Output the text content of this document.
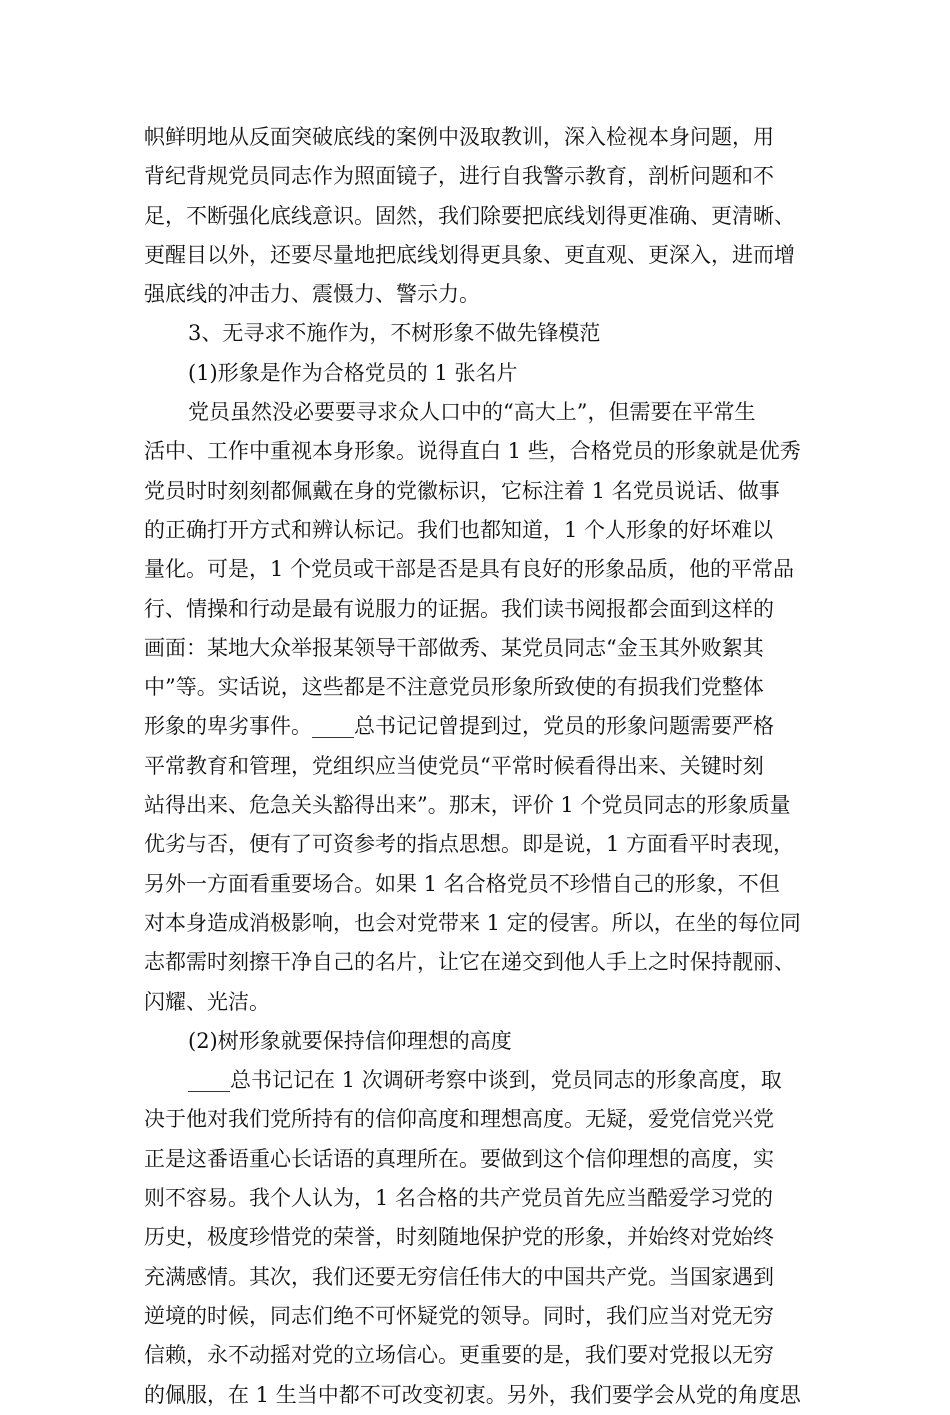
帜鲜明地从反面突破底线的案例中汲取教训，深入检视本身问题，用
背纪背规党员同志作为照面镜子，进行自我警示教育，剖析问题和不
足，不断强化底线意识。固然，我们除要把底线划得更准确、更清晰、
更醒目以外，还要尽量地把底线划得更具象、更直观、更深入，进而增
强底线的冲击力、震慑力、警示力。
3、无寻求不施作为，不树形象不做先锋模范
(1)形象是作为合格党员的 1 张名片
党员虽然没必要要寻求众人口中的“高大上”，但需要在平常生
活中、工作中重视本身形象。说得直白 1 些，合格党员的形象就是优秀
党员时时刻刻都佩戴在身的党徽标识，它标注着 1 名党员说话、做事
的正确打开方式和辨认标记。我们也都知道，1 个人形象的好坏难以
量化。可是，1 个党员或干部是否是具有良好的形象品质，他的平常品
行、情操和行动是最有说服力的证据。我们读书阅报都会面到这样的
画面：某地大众举报某领导干部做秀、某党员同志“金玉其外败絮其
中”等。实话说，这些都是不注意党员形象所致使的有损我们党整体
形象的卑劣事件。____总书记记曾提到过，党员的形象问题需要严格
平常教育和管理，党组织应当使党员“平常时候看得出来、关键时刻
站得出来、危急关头豁得出来”。那末，评价 1 个党员同志的形象质量
优劣与否，便有了可资参考的指点思想。即是说，1 方面看平时表现，
另外一方面看重要场合。如果 1 名合格党员不珍惜自己的形象，不但
对本身造成消极影响，也会对党带来 1 定的侵害。所以，在坐的每位同
志都需时刻擦干净自己的名片，让它在递交到他人手上之时保持靓丽、
闪耀、光洁。
(2)树形象就要保持信仰理想的高度
____总书记记在 1 次调研考察中谈到，党员同志的形象高度，取
决于他对我们党所持有的信仰高度和理想高度。无疑，爱党信党兴党
正是这番语重心长话语的真理所在。要做到这个信仰理想的高度，实
则不容易。我个人认为，1 名合格的共产党员首先应当酷爱学习党的
历史，极度珍惜党的荣誉，时刻随地保护党的形象，并始终对党始终
充满感情。其次，我们还要无穷信任伟大的中国共产党。当国家遇到
逆境的时候，同志们绝不可怀疑党的领导。同时，我们应当对党无穷
信赖，永不动摇对党的立场信心。更重要的是，我们要对党报以无穷
的佩服，在 1 生当中都不可改变初衷。另外，我们要学会从党的角度思
